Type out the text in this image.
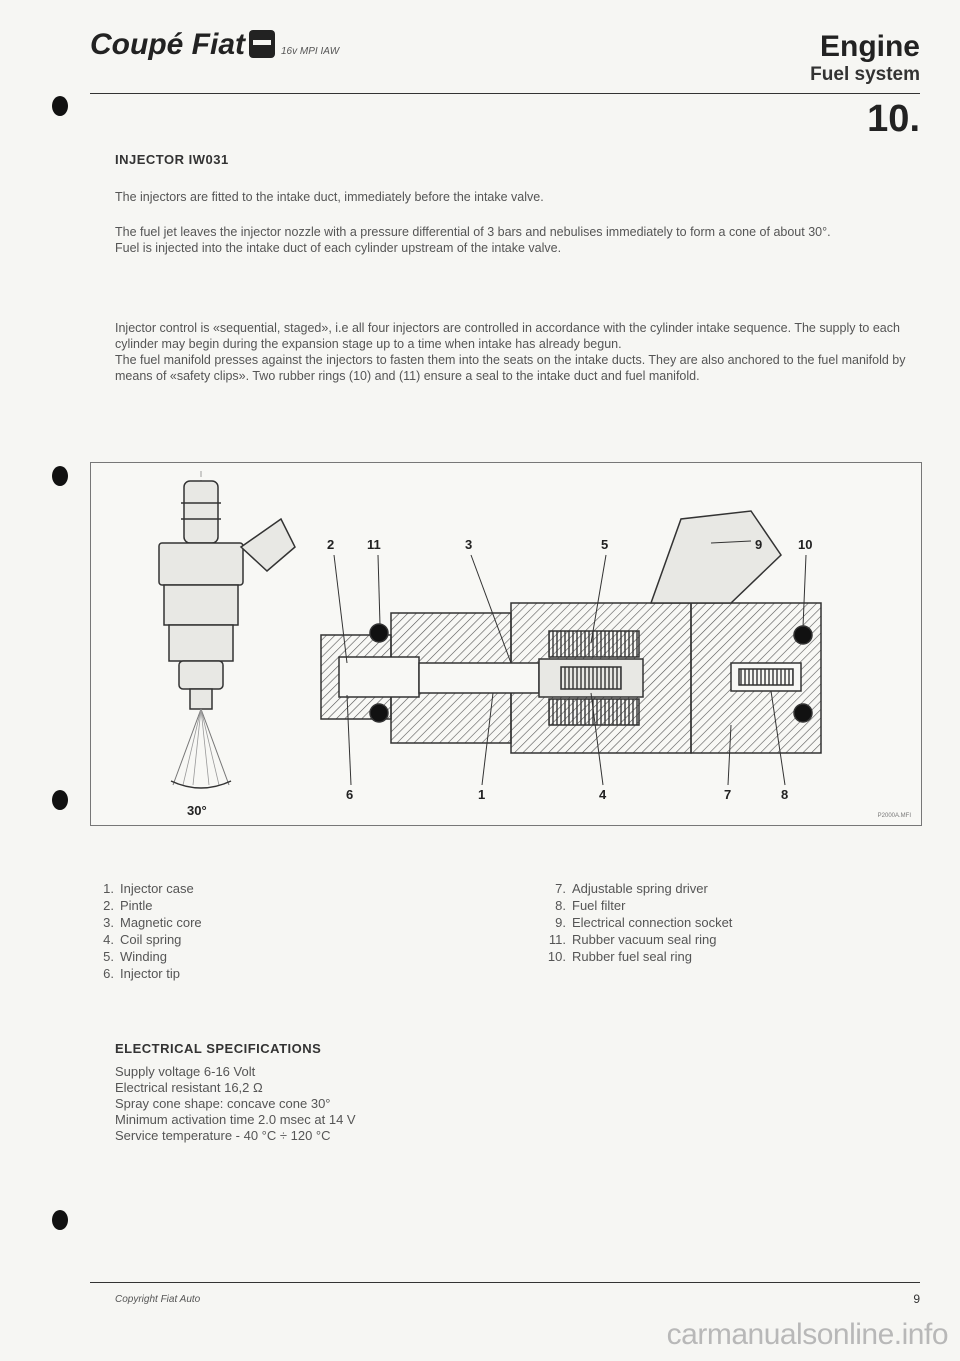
Coupé Fiat	16v MPI IAW	Engine
Fuel system
10.
INJECTOR IW031

The injectors are fitted to the intake duct, immediately before the intake valve.

The fuel jet leaves the injector nozzle with a pressure differential of 3 bars and nebulises immediately to form a cone of about 30°.
Fuel is injected into the intake duct of each cylinder upstream of the intake valve.

Injector control is «sequential, staged», i.e all four injectors are controlled in accordance with the cylinder intake sequence. The supply to each cylinder may begin during the expansion stage up to a time when intake has already begun.
The fuel manifold presses against the injectors to fasten them into the seats on the intake ducts. They are also anchored to the fuel manifold by means of «safety clips». Two rubber rings (10) and (11) ensure a seal to the intake duct and fuel manifold.

30°
2	11	3	5	9	10
6	1	4	7	8
P2000A.MFI
1. Injector case
2. Pintle
3. Magnetic core
4. Coil spring
5. Winding
6. Injector tip
7. Adjustable spring driver
8. Fuel filter
9. Electrical connection socket
11. Rubber vacuum seal ring
10. Rubber fuel seal ring
ELECTRICAL SPECIFICATIONS
Supply voltage 6-16 Volt
Electrical resistant 16,2 Ω
Spray cone shape: concave cone 30°
Minimum activation time 2.0 msec at 14 V
Service temperature - 40 °C ÷ 120 °C
Copyright Fiat Auto	9
carmanualsonline.info
